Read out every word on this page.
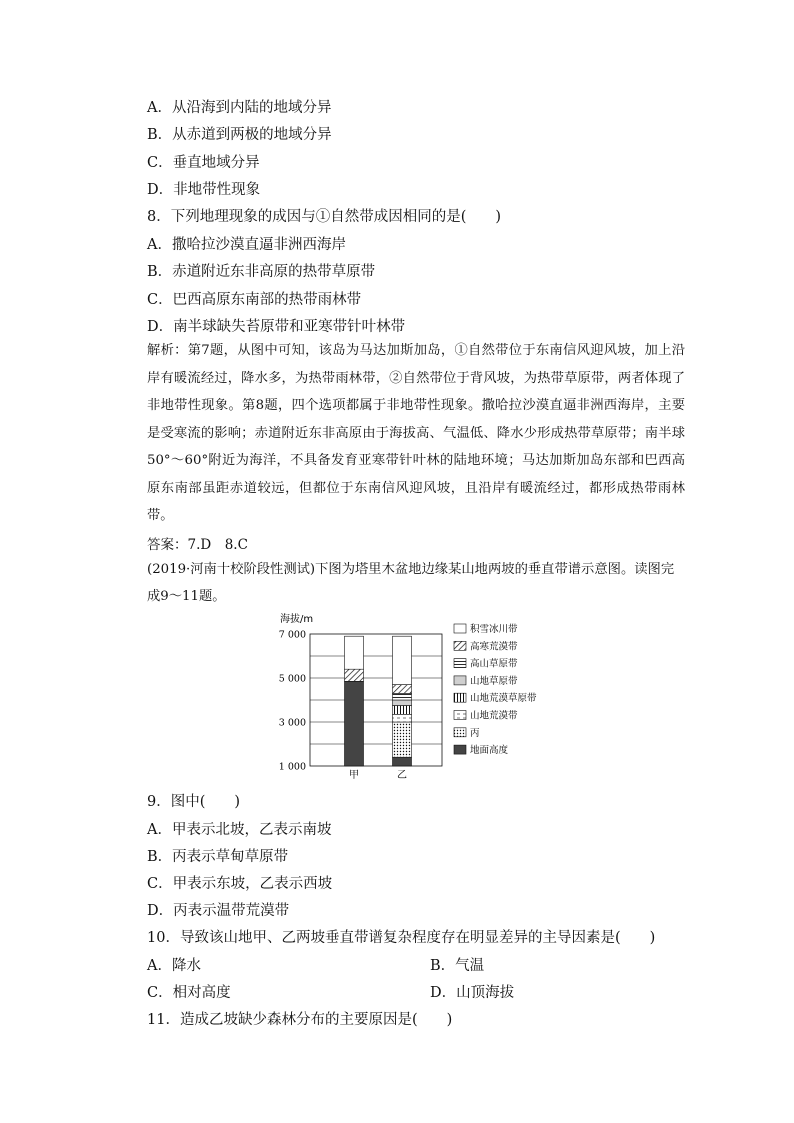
A．从沿海到内陆的地域分异
B．从赤道到两极的地域分异
C．垂直地域分异
D．非地带性现象
8．下列地理现象的成因与①自然带成因相同的是(　　)
A．撒哈拉沙漠直逼非洲西海岸
B．赤道附近东非高原的热带草原带
C．巴西高原东南部的热带雨林带
D．南半球缺失苔原带和亚寒带针叶林带
解析：第7题，从图中可知，该岛为马达加斯加岛，①自然带位于东南信风迎风坡，加上沿岸有暖流经过，降水多，为热带雨林带，②自然带位于背风坡，为热带草原带，两者体现了非地带性现象。第8题，四个选项都属于非地带性现象。撒哈拉沙漠直逼非洲西海岸，主要是受寒流的影响；赤道附近东非高原由于海拔高、气温低、降水少形成热带草原带；南半球50°～60°附近为海洋，不具备发育亚寒带针叶林的陆地环境；马达加斯加岛东部和巴西高原东南部虽距赤道较远，但都位于东南信风迎风坡，且沿岸有暖流经过，都形成热带雨林带。
答案：7.D　8.C
(2019·河南十校阶段性测试)下图为塔里木盆地边缘某山地两坡的垂直带谱示意图。读图完成9～11题。
海拔/m
7 000
5 000
3 000
1 000
甲	乙
积雪冰川带
高寒荒漠带
高山草原带
山地草原带
山地荒漠草原带
山地荒漠带
丙
地面高度
9．图中(　　)
A．甲表示北坡，乙表示南坡
B．丙表示草甸草原带
C．甲表示东坡，乙表示西坡
D．丙表示温带荒漠带
10．导致该山地甲、乙两坡垂直带谱复杂程度存在明显差异的主导因素是(　　)
A．降水	B．气温
C．相对高度	D．山顶海拔
11．造成乙坡缺少森林分布的主要原因是(　　)
